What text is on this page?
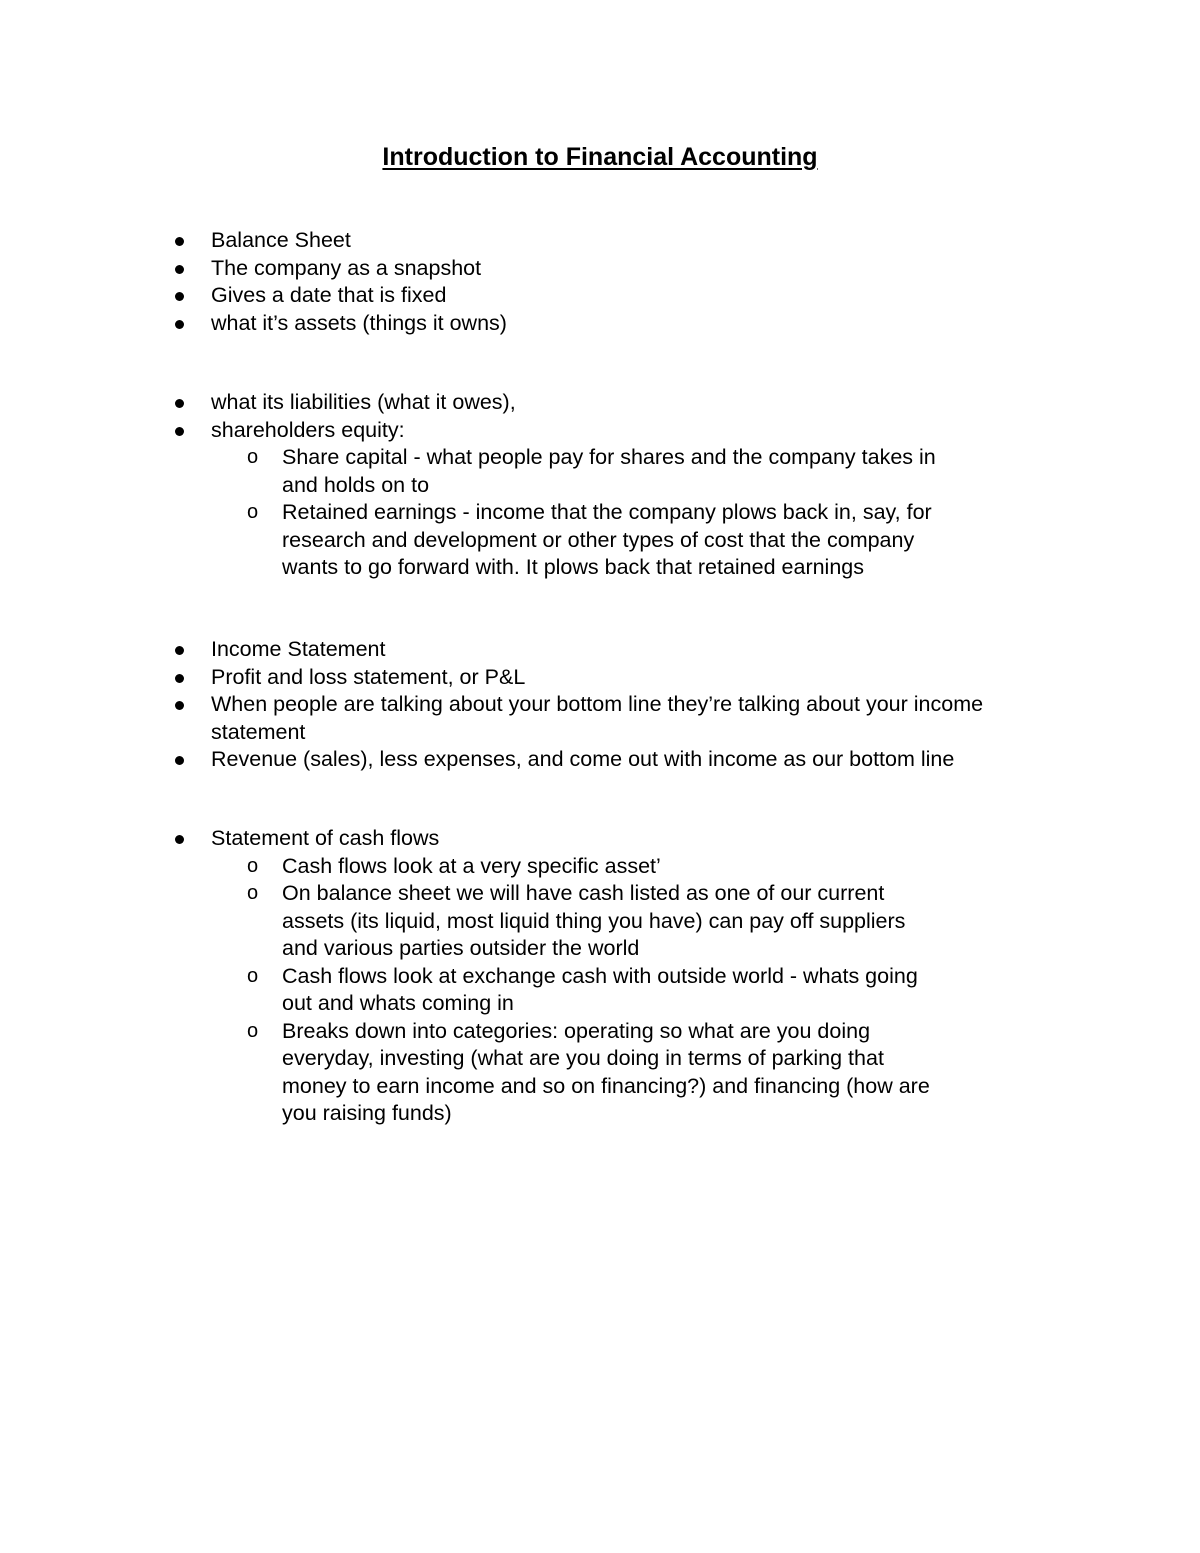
Introduction to Financial Accounting
Balance Sheet
The company as a snapshot
Gives a date that is fixed
what it’s assets (things it owns)
what its liabilities (what it owes),
shareholders equity:
o Share capital - what people pay for shares and the company takes in and holds on to
o Retained earnings - income that the company plows back in, say, for research and development or other types of cost that the company wants to go forward with. It plows back that retained earnings
Income Statement
Profit and loss statement, or P&L
When people are talking about your bottom line they’re talking about your income statement
Revenue (sales), less expenses, and come out with income as our bottom line
Statement of cash flows
o Cash flows look at a very specific asset’
o On balance sheet we will have cash listed as one of our current assets (its liquid, most liquid thing you have) can pay off suppliers and various parties outsider the world
o Cash flows look at exchange cash with outside world - whats going out and whats coming in
o Breaks down into categories: operating so what are you doing everyday, investing (what are you doing in terms of parking that money to earn income and so on financing?) and financing (how are you raising funds)
